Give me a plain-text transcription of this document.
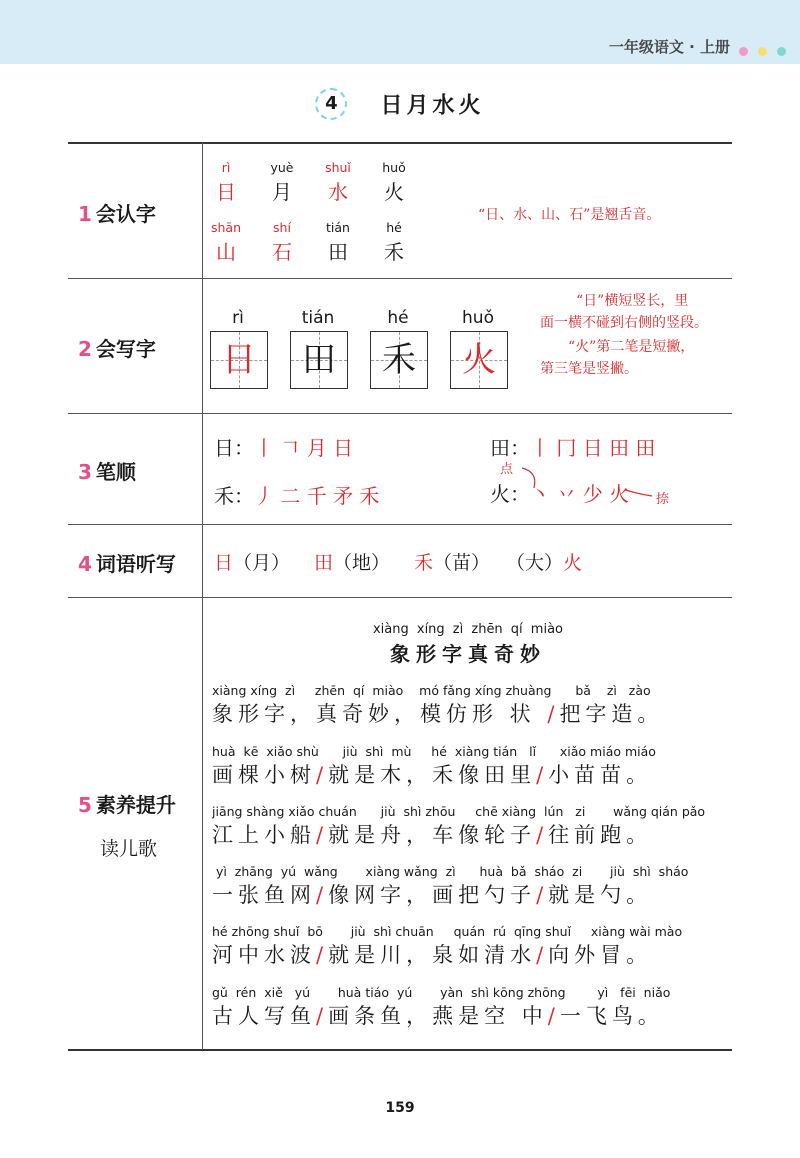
一年级语文 · 上册
4 日月水火
1 会认字
2 会写字
3 笔顺
4 词语听写
5 素养提升
读儿歌
rì
日
yuè
月
shuǐ
水
huǒ
火
shān
山
shí
石
tián
田
hé
禾
“日、水、山、石”是翘舌音。
rì
日
tián
田
hé
禾
huǒ
火
“日”横短竖长，里
面一横不碰到右侧的竖段。
“火”第二笔是短撇，
第三笔是竖撇。
日：丨 𠃍 月 日	田：丨 冂 日 田 田
禾：丿 二 千 矛 禾	火：丶 丷 少 火
点
捺
日（月） 田（地） 禾（苗） （大）火
xiàng xíng zì zhēn qí miào
象形字真奇妙
xiàng xíng  zì     zhēn  qí  miào    mó fǎng xíng zhuàng      bǎ    zì   zào
象形字，真奇妙，模仿形 状 /把字造。
huà  kē  xiǎo shù      jiù  shì  mù     hé  xiàng tián   lǐ      xiǎo miáo miáo
画棵小树/就是木，禾像田里/小苗苗。
jiāng shàng xiǎo chuán      jiù  shì zhōu     chē xiàng  lún   zi       wǎng qián pǎo
江上小船/就是舟，车像轮子/往前跑。
yì  zhāng  yú  wǎng       xiàng wǎng  zì      huà  bǎ  sháo  zi       jiù  shì  sháo
一张鱼网/像网字，画把勺子/就是勺。
hé zhōng shuǐ  bō       jiù  shì chuān     quán  rú  qīng shuǐ     xiàng wài mào
河中水波/就是川，泉如清水/向外冒。
gǔ  rén  xiě   yú       huà tiáo  yú       yàn  shì kōng zhōng        yì   fēi  niǎo
古人写鱼/画条鱼，燕是空 中/一飞鸟。
159
